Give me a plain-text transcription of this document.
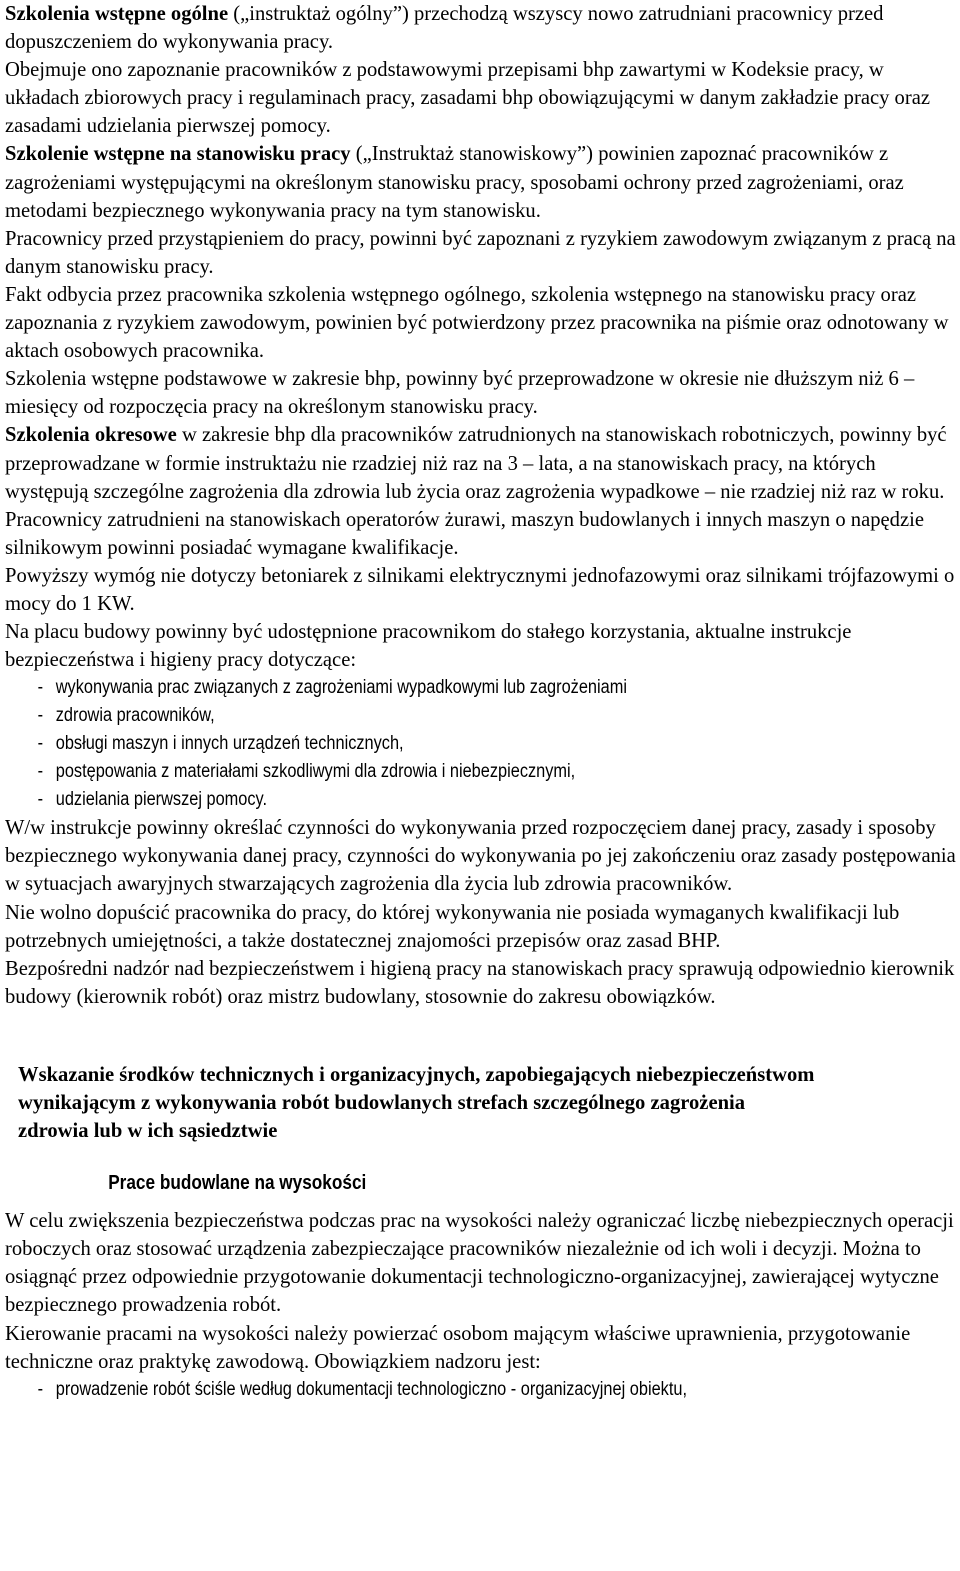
Szkolenia wstępne ogólne („instruktaż ogólny”) przechodzą wszyscy nowo zatrudniani pracownicy przed dopuszczeniem do wykonywania pracy.

Obejmuje ono zapoznanie pracowników z podstawowymi przepisami bhp zawartymi w Kodeksie pracy, w układach zbiorowych pracy i regulaminach pracy, zasadami bhp obowiązującymi w danym zakładzie pracy oraz zasadami udzielania pierwszej pomocy.

Szkolenie wstępne na stanowisku pracy („Instruktaż stanowiskowy”) powinien zapoznać pracowników z zagrożeniami występującymi na określonym stanowisku pracy, sposobami ochrony przed zagrożeniami, oraz metodami bezpiecznego wykonywania pracy na tym stanowisku.

Pracownicy przed przystąpieniem do pracy, powinni być zapoznani z ryzykiem zawodowym związanym z pracą na danym stanowisku pracy.

Fakt odbycia przez pracownika szkolenia wstępnego ogólnego, szkolenia wstępnego na stanowisku pracy oraz zapoznania z ryzykiem zawodowym, powinien być potwierdzony przez pracownika na piśmie oraz odnotowany w aktach osobowych pracownika.

Szkolenia wstępne podstawowe w zakresie bhp, powinny być przeprowadzone w okresie nie dłuższym niż 6 – miesięcy od rozpoczęcia pracy na określonym stanowisku pracy.

Szkolenia okresowe w zakresie bhp dla pracowników zatrudnionych na stanowiskach robotniczych, powinny być przeprowadzane w formie instruktażu nie rzadziej niż raz na 3 – lata, a na stanowiskach pracy, na których występują szczególne zagrożenia dla zdrowia lub życia oraz zagrożenia wypadkowe – nie rzadziej niż raz w roku.

Pracownicy zatrudnieni na stanowiskach operatorów żurawi, maszyn budowlanych i innych maszyn o napędzie silnikowym powinni posiadać wymagane kwalifikacje.

Powyższy wymóg nie dotyczy betoniarek z silnikami elektrycznymi jednofazowymi oraz silnikami trójfazowymi o mocy do 1 KW.

Na placu budowy powinny być udostępnione pracownikom do stałego korzystania, aktualne instrukcje bezpieczeństwa i higieny pracy dotyczące:

- wykonywania prac związanych z zagrożeniami wypadkowymi lub zagrożeniami
- zdrowia pracowników,
- obsługi maszyn i innych urządzeń technicznych,
- postępowania z materiałami szkodliwymi dla zdrowia i niebezpiecznymi,
- udzielania pierwszej pomocy.

W/w instrukcje powinny określać czynności do wykonywania przed rozpoczęciem danej pracy, zasady i sposoby bezpiecznego wykonywania danej pracy, czynności do wykonywania po jej zakończeniu oraz zasady postępowania w sytuacjach awaryjnych stwarzających zagrożenia dla życia lub zdrowia pracowników.

Nie wolno dopuścić pracownika do pracy, do której wykonywania nie posiada wymaganych kwalifikacji lub potrzebnych umiejętności, a także dostatecznej znajomości przepisów oraz zasad BHP.

Bezpośredni nadzór nad bezpieczeństwem i higieną pracy na stanowiskach pracy sprawują odpowiednio kierownik budowy (kierownik robót) oraz mistrz budowlany, stosownie do zakresu obowiązków.

Wskazanie środków technicznych i organizacyjnych, zapobiegających niebezpieczeństwom wynikającym z wykonywania robót budowlanych strefach szczególnego zagrożenia zdrowia lub w ich sąsiedztwie

Prace budowlane na wysokości

W celu zwiększenia bezpieczeństwa podczas prac na wysokości należy ograniczać liczbę niebezpiecznych operacji roboczych oraz stosować urządzenia zabezpieczające pracowników niezależnie od ich woli i decyzji. Można to osiągnąć przez odpowiednie przygotowanie dokumentacji technologiczno-organizacyjnej, zawierającej wytyczne bezpiecznego prowadzenia robót.

Kierowanie pracami na wysokości należy powierzać osobom mającym właściwe uprawnienia, przygotowanie techniczne oraz praktykę zawodową. Obowiązkiem nadzoru jest:

- prowadzenie robót ściśle według dokumentacji technologiczno - organizacyjnej obiektu,
